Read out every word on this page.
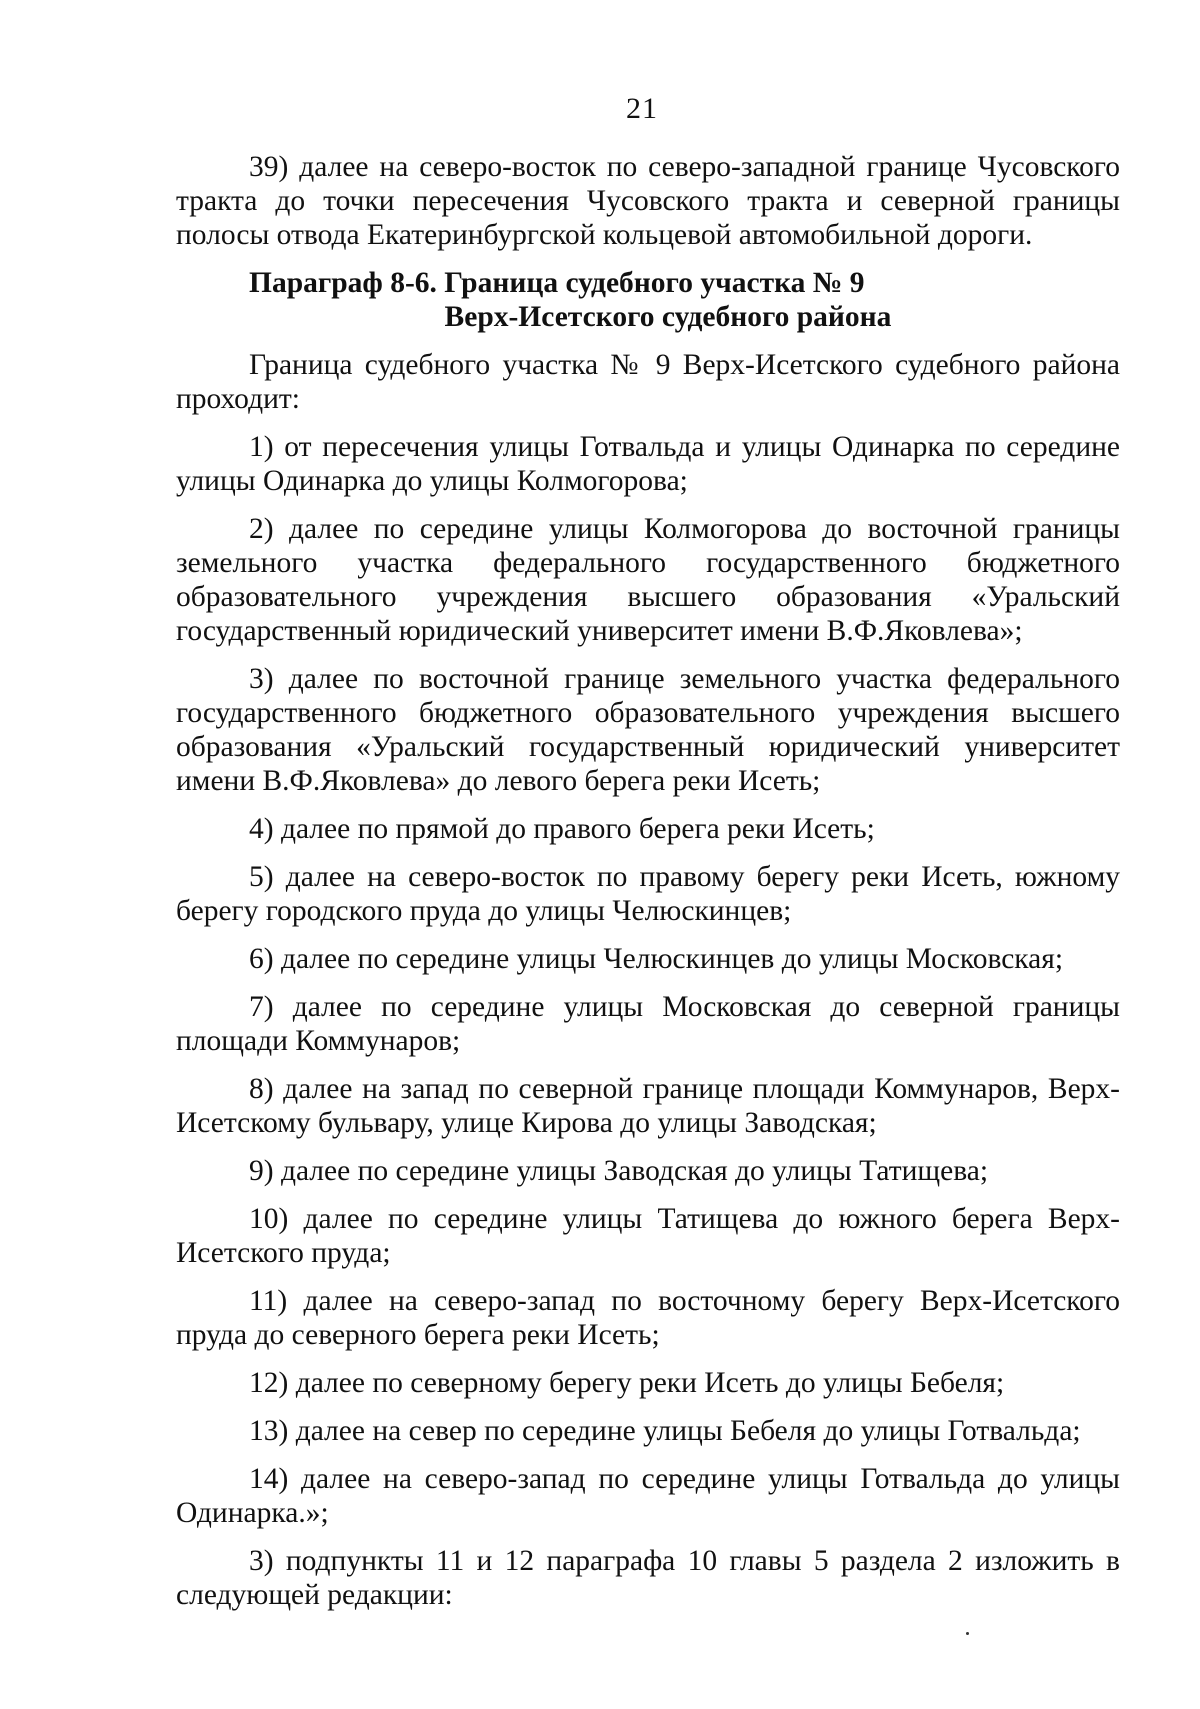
21

39) далее на северо-восток по северо-западной границе Чусовского тракта до точки пересечения Чусовского тракта и северной границы полосы отвода Екатеринбургской кольцевой автомобильной дороги.

Параграф 8-6. Граница судебного участка № 9
Верх-Исетского судебного района

Граница судебного участка № 9 Верх-Исетского судебного района проходит:

1) от пересечения улицы Готвальда и улицы Одинарка по середине улицы Одинарка до улицы Колмогорова;

2) далее по середине улицы Колмогорова до восточной границы земельного участка федерального государственного бюджетного образовательного учреждения высшего образования «Уральский государственный юридический университет имени В.Ф.Яковлева»;

3) далее по восточной границе земельного участка федерального государственного бюджетного образовательного учреждения высшего образования «Уральский государственный юридический университет имени В.Ф.Яковлева» до левого берега реки Исеть;

4) далее по прямой до правого берега реки Исеть;

5) далее на северо-восток по правому берегу реки Исеть, южному берегу городского пруда до улицы Челюскинцев;

6) далее по середине улицы Челюскинцев до улицы Московская;

7) далее по середине улицы Московская до северной границы площади Коммунаров;

8) далее на запад по северной границе площади Коммунаров, Верх-Исетскому бульвару, улице Кирова до улицы Заводская;

9) далее по середине улицы Заводская до улицы Татищева;

10) далее по середине улицы Татищева до южного берега Верх-Исетского пруда;

11) далее на северо-запад по восточному берегу Верх-Исетского пруда до северного берега реки Исеть;

12) далее по северному берегу реки Исеть до улицы Бебеля;

13) далее на север по середине улицы Бебеля до улицы Готвальда;

14) далее на северо-запад по середине улицы Готвальда до улицы Одинарка.»;

3) подпункты 11 и 12 параграфа 10 главы 5 раздела 2 изложить в следующей редакции:
